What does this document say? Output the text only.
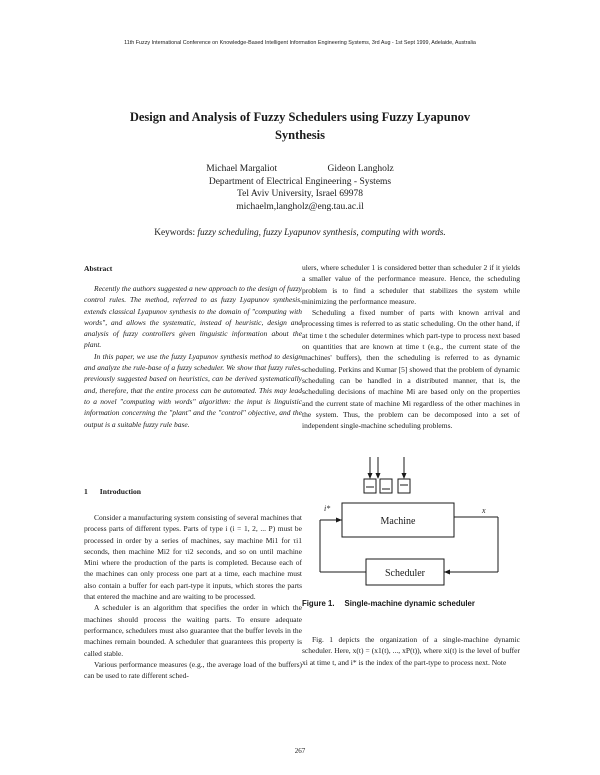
11th Fuzzy International Conference on Knowledge-Based Intelligent Information Engineering Systems, 3rd Aug - 1st Sept 1999, Adelaide, Australia
Design and Analysis of Fuzzy Schedulers using Fuzzy Lyapunov
Synthesis
Michael Margaliot	Gideon Langholz
Department of Electrical Engineering - Systems
Tel Aviv University, Israel 69978
michaelm,langholz@eng.tau.ac.il
Keywords: fuzzy scheduling, fuzzy Lyapunov synthesis, computing with words.
Abstract

Recently the authors suggested a new approach to the design of fuzzy control rules. The method, referred to as fuzzy Lyapunov synthesis, extends classical Lyapunov synthesis to the domain of "computing with words", and allows the systematic, instead of heuristic, design and analysis of fuzzy controllers given linguistic information about the plant.

In this paper, we use the fuzzy Lyapunov synthesis method to design and analyze the rule-base of a fuzzy scheduler. We show that fuzzy rules, previously suggested based on heuristics, can be derived systematically and, therefore, that the entire process can be automated. This may lead to a novel "computing with words" algorithm: the input is linguistic information concerning the "plant" and the "control" objective, and the output is a suitable fuzzy rule base.

1 Introduction

Consider a manufacturing system consisting of several machines that process parts of different types. Parts of type i (i = 1, 2, ... P) must be processed in order by a series of machines, say machine Mi1 for τi1 seconds, then machine Mi2 for τi2 seconds, and so on until machine Mini where the production of the parts is completed. Because each of the machines can only process one part at a time, each machine must also contain a buffer for each part-type it inputs, which stores the parts that entered the machine and are waiting to be processed.

A scheduler is an algorithm that specifies the order in which the machines should process the waiting parts. To ensure adequate performance, schedulers must also guarantee that the buffer levels in the machines remain bounded. A scheduler that guarantees this property is called stable.

Various performance measures (e.g., the average load of the buffers) can be used to rate different sched-

ulers, where scheduler 1 is considered better than scheduler 2 if it yields a smaller value of the performance measure. Hence, the scheduling problem is to find a scheduler that stabilizes the system while minimizing the performance measure.

Scheduling a fixed number of parts with known arrival and processing times is referred to as static scheduling. On the other hand, if at time t the scheduler determines which part-type to process next based on quantities that are known at time t (e.g., the current state of the machines' buffers), then the scheduling is referred to as dynamic scheduling. Perkins and Kumar [5] showed that the problem of dynamic scheduling can be handled in a distributed manner, that is, the scheduling decisions of machine Mi are based only on the properties and the current state of machine Mi regardless of the other machines in the system. Thus, the problem can be decomposed into a set of independent single-machine scheduling problems.

Machine
Scheduler
i*	x
Figure 1. Single-machine dynamic scheduler

Fig. 1 depicts the organization of a single-machine dynamic scheduler. Here, x(t) = (x1(t), ..., xP(t)), where xi(t) is the level of buffer xi at time t, and i* is the index of the part-type to process next. Note

267
